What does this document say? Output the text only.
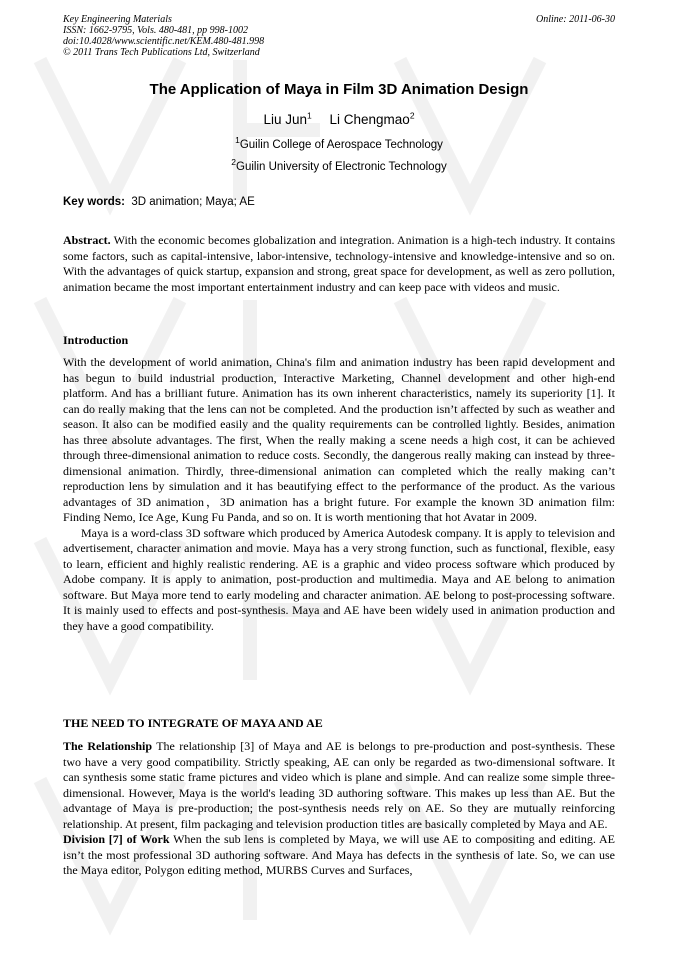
Key Engineering Materials
ISSN: 1662-9795, Vols. 480-481, pp 998-1002
doi:10.4028/www.scientific.net/KEM.480-481.998
© 2011 Trans Tech Publications Ltd, Switzerland
Online: 2011-06-30
The Application of Maya in Film 3D Animation Design
Liu Jun$^1$ Li Chengmao$^2$
$^1$Guilin College of Aerospace Technology
$^2$Guilin University of Electronic Technology
Key words: 3D animation; Maya; AE

Abstract. With the economic becomes globalization and integration. Animation is a high-tech industry. It contains some factors, such as capital-intensive, labor-intensive, technology-intensive and knowledge-intensive and so on. With the advantages of quick startup, expansion and strong, great space for development, as well as zero pollution, animation became the most important entertainment industry and can keep pace with videos and music.

Introduction

With the development of world animation, China's film and animation industry has been rapid development and has begun to build industrial production, Interactive Marketing, Channel development and other high-end platform. And has a brilliant future. Animation has its own inherent characteristics, namely its superiority [1]. It can do really making that the lens can not be completed. And the production isn’t affected by such as weather and season. It also can be modified easily and the quality requirements can be controlled lightly. Besides, animation has three absolute advantages. The first, When the really making a scene needs a high cost, it can be achieved through three-dimensional animation to reduce costs. Secondly, the dangerous really making can instead by three-dimensional animation. Thirdly, three-dimensional animation can completed which the really making can’t reproduction lens by simulation and it has beautifying effect to the performance of the product. As the various advantages of 3D animation，3D animation has a bright future. For example the known 3D animation film: Finding Nemo, Ice Age, Kung Fu Panda, and so on. It is worth mentioning that hot Avatar in 2009.

Maya is a word-class 3D software which produced by America Autodesk company. It is apply to television and advertisement, character animation and movie. Maya has a very strong function, such as functional, flexible, easy to learn, efficient and highly realistic rendering. AE is a graphic and video process software which produced by Adobe company. It is apply to animation, post-production and multimedia. Maya and AE belong to animation software. But Maya more tend to early modeling and character animation. AE belong to post-processing software. It is mainly used to effects and post-synthesis. Maya and AE have been widely used in animation production and they have a good compatibility.

THE NEED TO INTEGRATE OF MAYA AND AE

The Relationship The relationship [3] of Maya and AE is belongs to pre-production and post-synthesis. These two have a very good compatibility. Strictly speaking, AE can only be regarded as two-dimensional software. It can synthesis some static frame pictures and video which is plane and simple. And can realize some simple three-dimensional. However, Maya is the world's leading 3D authoring software. This makes up less than AE. But the advantage of Maya is pre-production; the post-synthesis needs rely on AE. So they are mutually reinforcing relationship. At present, film packaging and television production titles are basically completed by Maya and AE.

Division [7] of Work When the sub lens is completed by Maya, we will use AE to compositing and editing. AE isn’t the most professional 3D authoring software. And Maya has defects in the synthesis of late. So, we can use the Maya editor, Polygon editing method, MURBS Curves and Surfaces,
